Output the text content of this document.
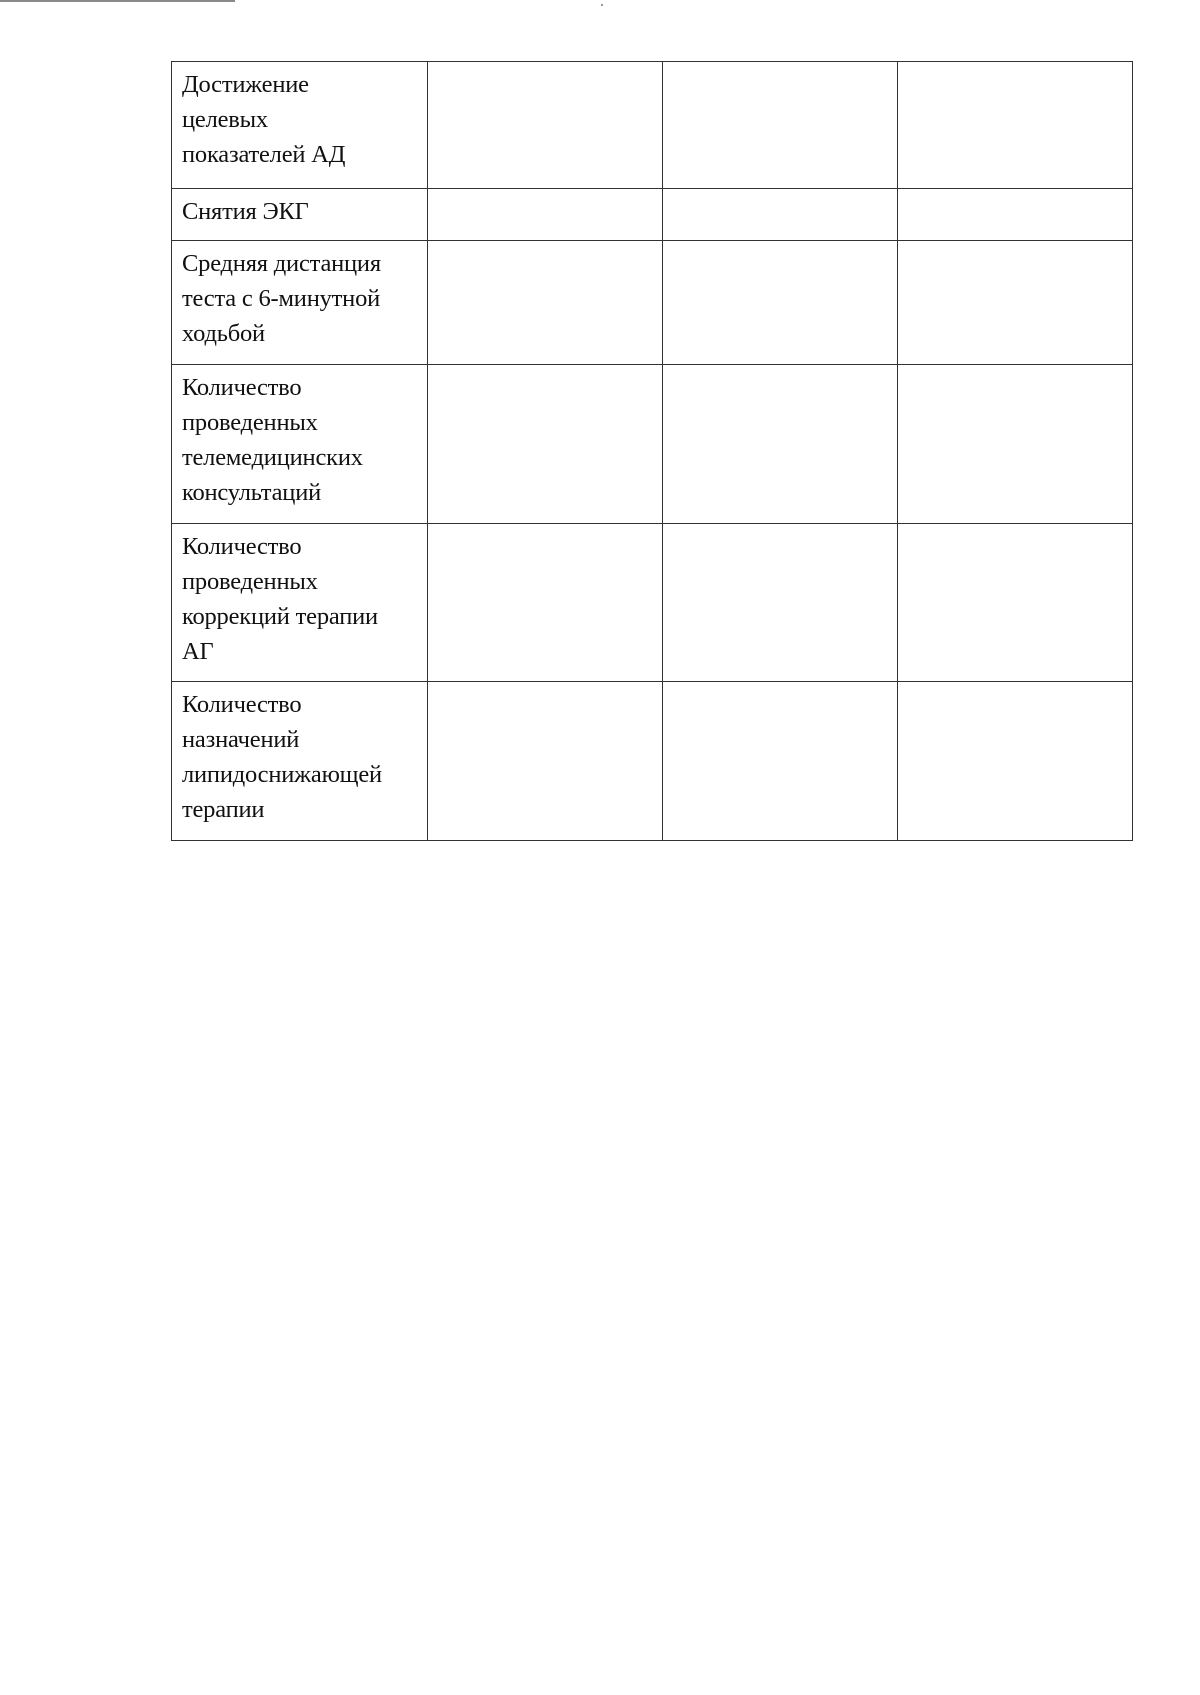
Достижение
целевых
показателей АД			

Снятия ЭКГ			

Средняя дистанция
теста с 6-минутной
ходьбой			

Количество
проведенных
телемедицинских
консультаций			

Количество
проведенных
коррекций терапии
АГ			

Количество
назначений
липидоснижающей
терапии			
